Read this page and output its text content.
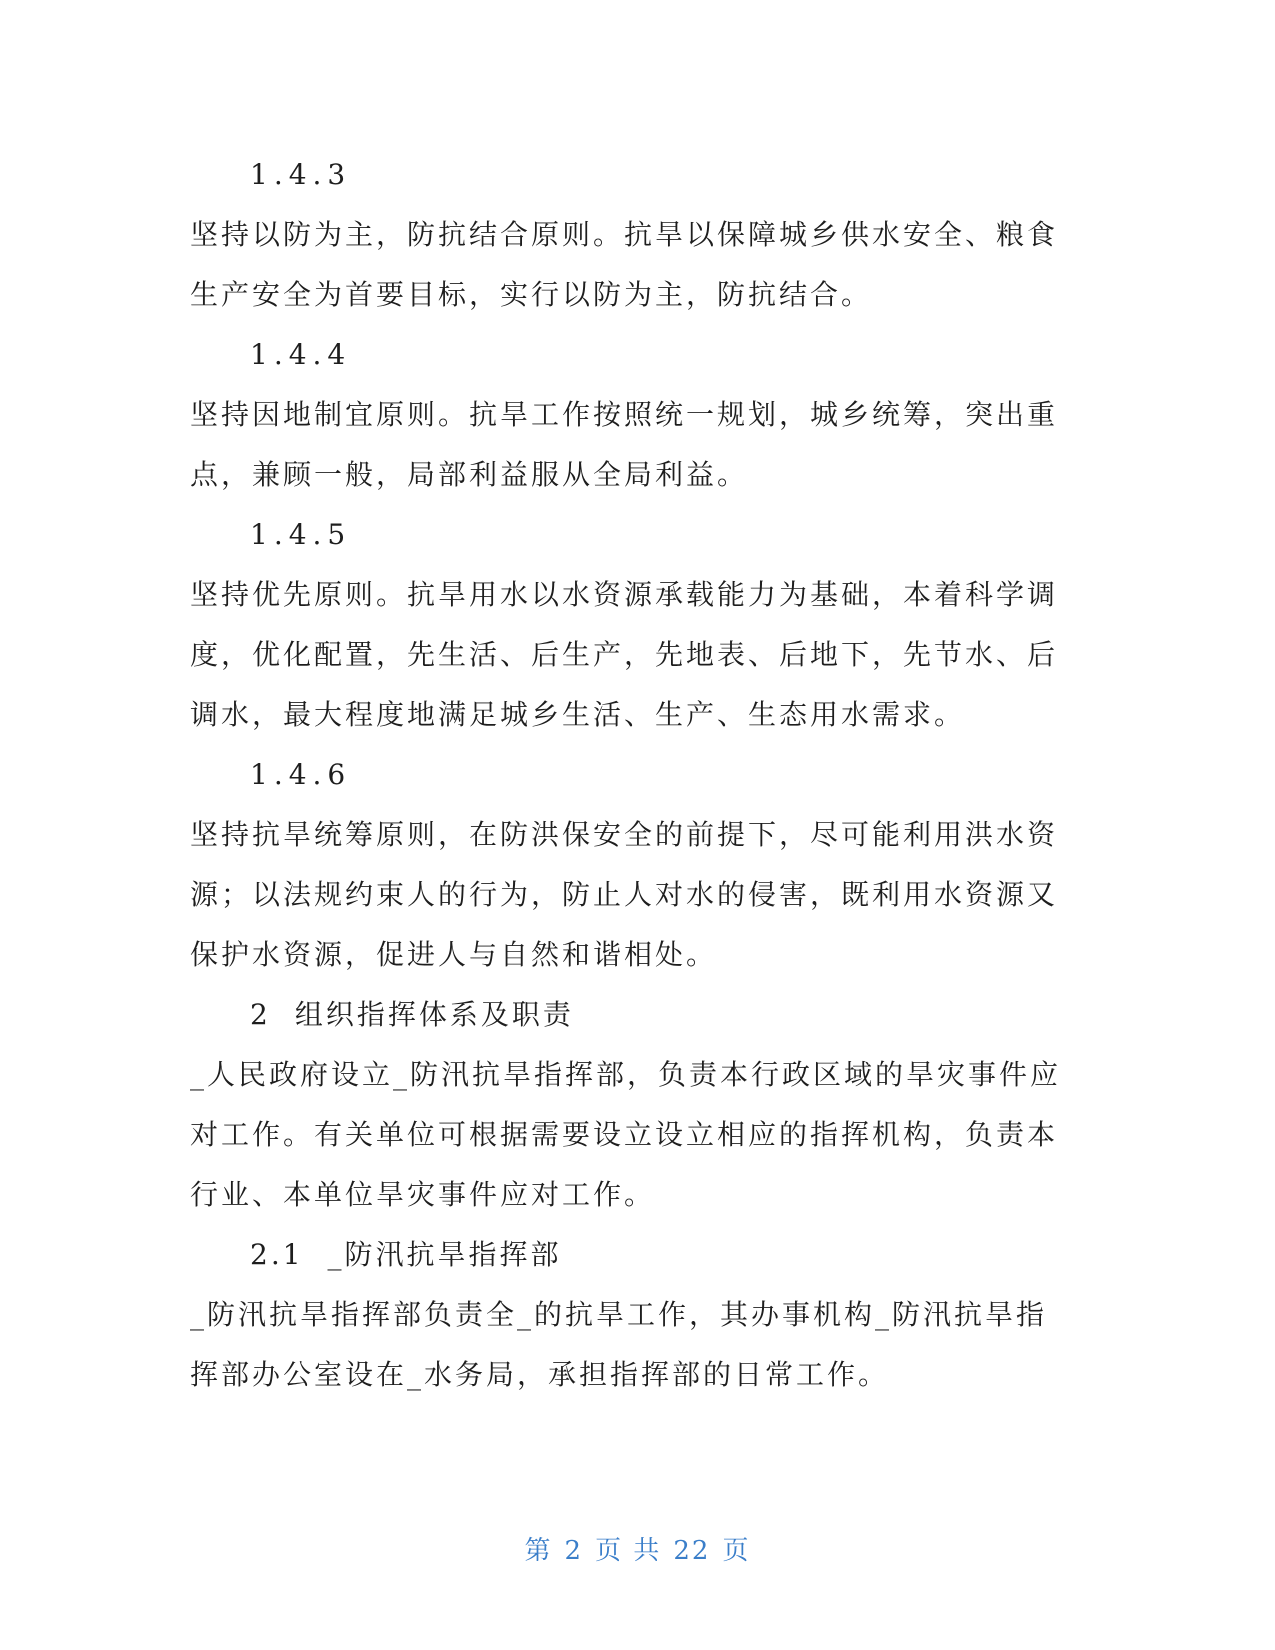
1.4.3

坚持以防为主，防抗结合原则。抗旱以保障城乡供水安全、粮食生产安全为首要目标，实行以防为主，防抗结合。

1.4.4

坚持因地制宜原则。抗旱工作按照统一规划，城乡统筹，突出重点，兼顾一般，局部利益服从全局利益。

1.4.5

坚持优先原则。抗旱用水以水资源承载能力为基础，本着科学调度，优化配置，先生活、后生产，先地表、后地下，先节水、后调水，最大程度地满足城乡生活、生产、生态用水需求。

1.4.6

坚持抗旱统筹原则，在防洪保安全的前提下，尽可能利用洪水资源；以法规约束人的行为，防止人对水的侵害，既利用水资源又保护水资源，促进人与自然和谐相处。

2 组织指挥体系及职责

_人民政府设立_防汛抗旱指挥部，负责本行政区域的旱灾事件应对工作。有关单位可根据需要设立设立相应的指挥机构，负责本行业、本单位旱灾事件应对工作。

2.1 _防汛抗旱指挥部

_防汛抗旱指挥部负责全_的抗旱工作，其办事机构_防汛抗旱指挥部办公室设在_水务局，承担指挥部的日常工作。

第 2 页 共 22 页
